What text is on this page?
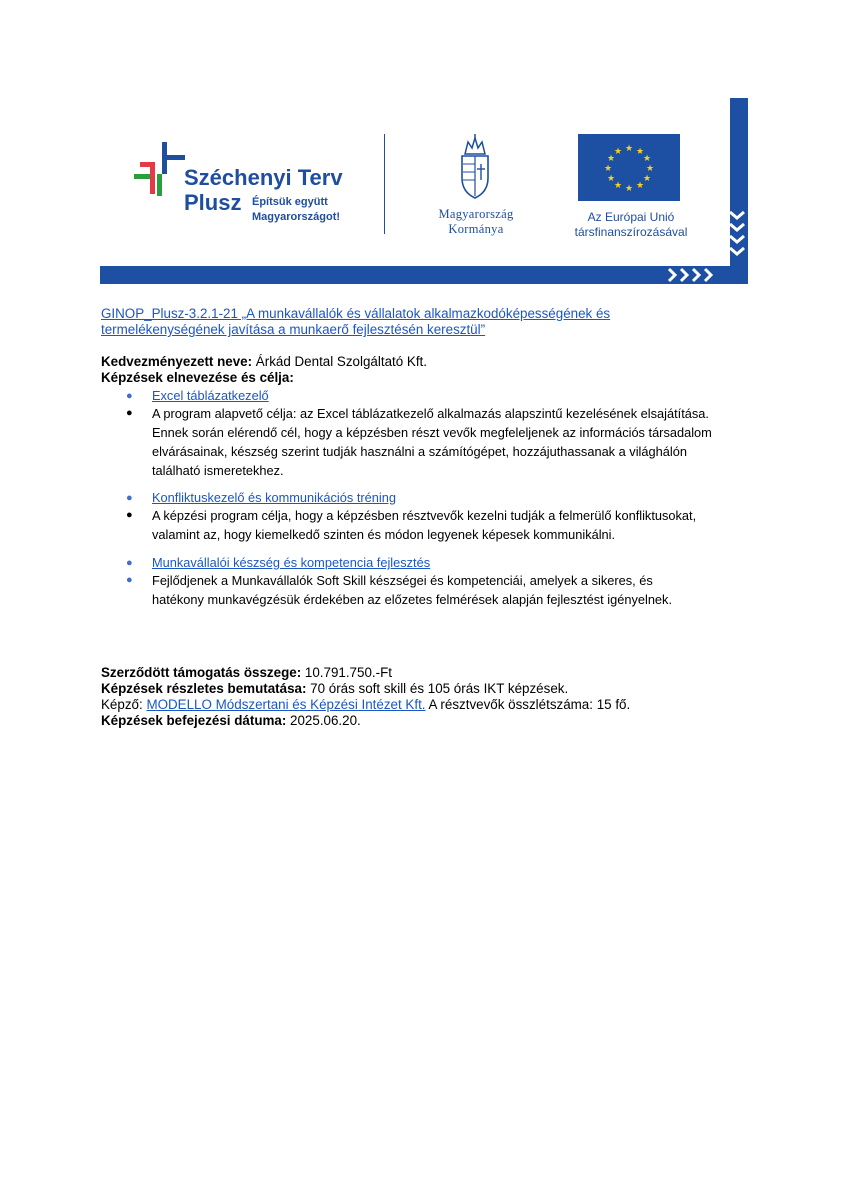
Széchenyi Terv
Plusz Építsük együtt
Magyarországot!	Magyarország
Kormánya
★ ★
★
★
★
★
★
★
★
★
★
★
Az Európai Unió
társfinanszírozásával
GINOP_Plusz-3.2.1-21 „A munkavállalók és vállalatok alkalmazkodóképességének és
termelékenységének javítása a munkaerő fejlesztésén keresztül”
Kedvezményezett neve: Árkád Dental Szolgáltató Kft.
Képzések elnevezése és célja:
● Excel táblázatkezelő
● A program alapvető célja: az Excel táblázatkezelő alkalmazás alapszintű kezelésének elsajátítása.
Ennek során elérendő cél, hogy a képzésben részt vevők megfeleljenek az információs társadalom
elvárásainak, készség szerint tudják használni a számítógépet, hozzájuthassanak a világhálón
található ismeretekhez.
● Konfliktuskezelő és kommunikációs tréning
● A képzési program célja, hogy a képzésben résztvevők kezelni tudják a felmerülő konfliktusokat,
valamint az, hogy kiemelkedő szinten és módon legyenek képesek kommunikálni.
● Munkavállalói készség és kompetencia fejlesztés
● Fejlődjenek a Munkavállalók Soft Skill készségei és kompetenciái, amelyek a sikeres, és
hatékony munkavégzésük érdekében az előzetes felmérések alapján fejlesztést igényelnek.
Szerződött támogatás összege: 10.791.750.-Ft
Képzések részletes bemutatása: 70 órás soft skill és 105 órás IKT képzések.
Képző: MODELLO Módszertani és Képzési Intézet Kft. A résztvevők összlétszáma: 15 fő.
Képzések befejezési dátuma: 2025.06.20.
